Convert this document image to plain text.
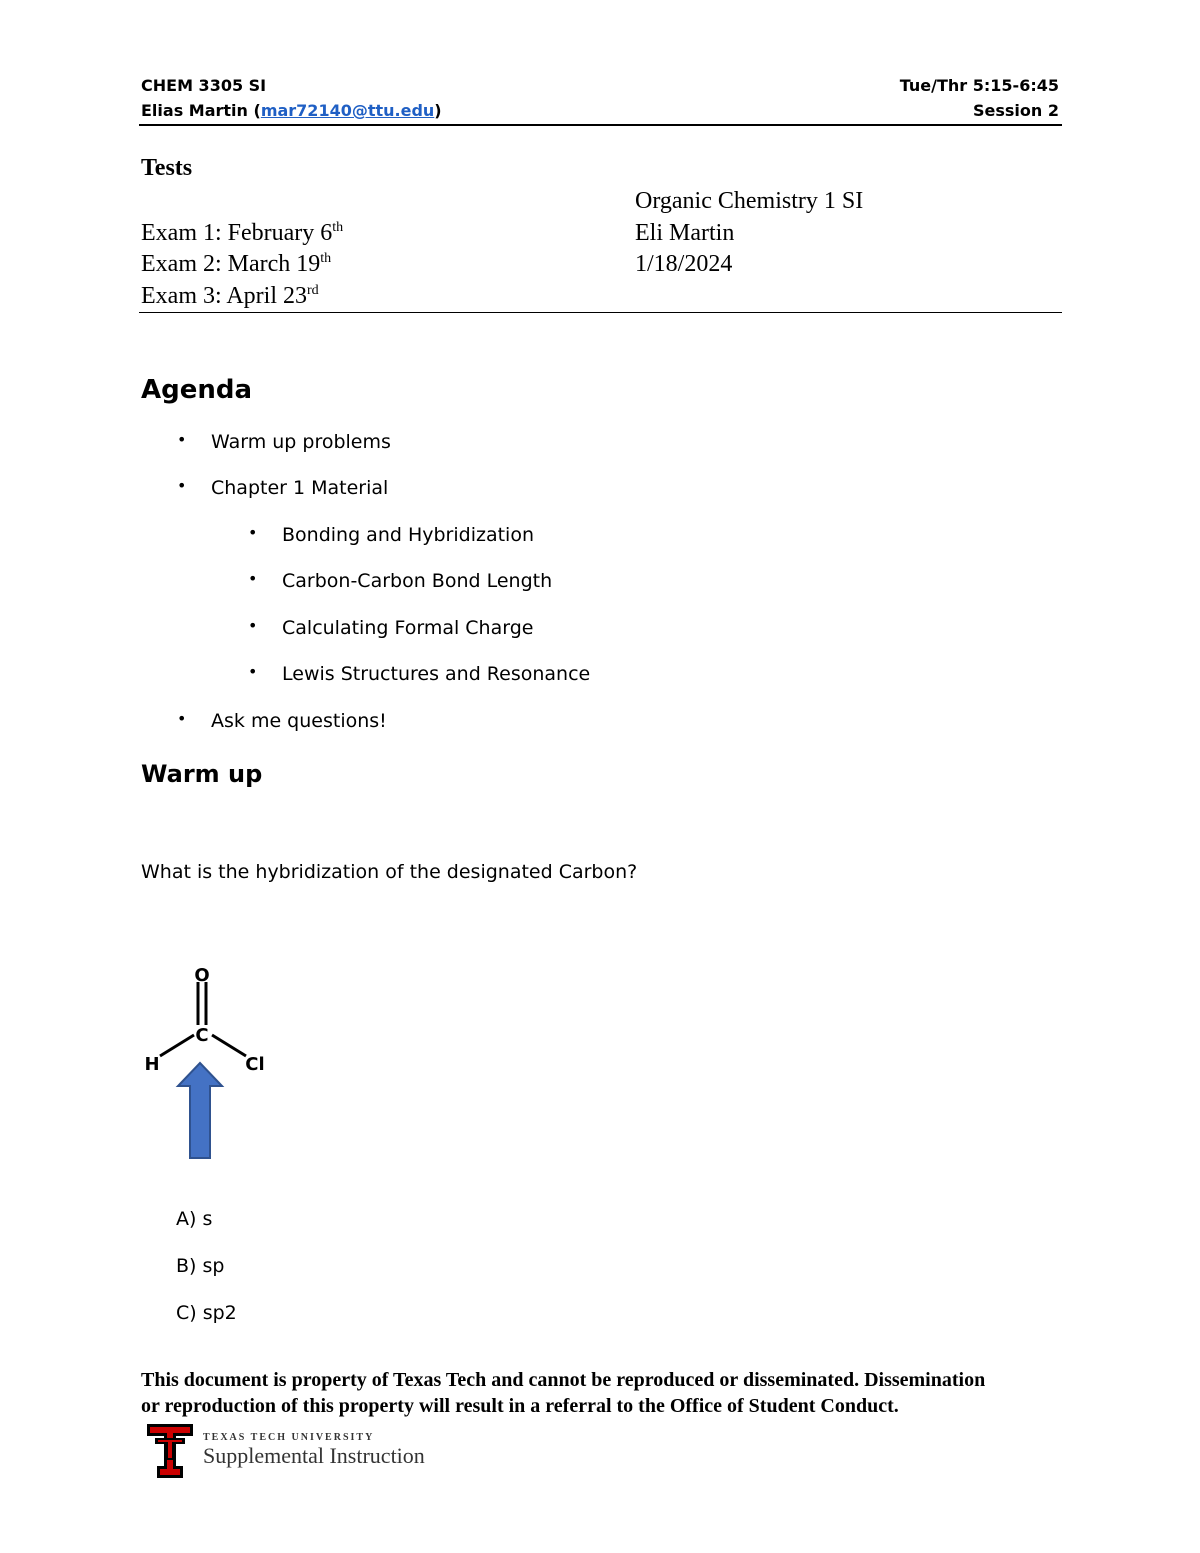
CHEM 3305 SI
Elias Martin (mar72140@ttu.edu)
Tue/Thr 5:15-6:45
Session 2
Tests
Exam 1: February 6th
Exam 2: March 19th
Exam 3: April 23rd
Organic Chemistry 1 SI
Eli Martin
1/18/2024
Agenda
• Warm up problems
• Chapter 1 Material
• Bonding and Hybridization
• Carbon-Carbon Bond Length
• Calculating Formal Charge
• Lewis Structures and Resonance
• Ask me questions!
Warm up
What is the hybridization of the designated Carbon?
O
C
H	Cl
A) s
B) sp
C) sp2
This document is property of Texas Tech and cannot be reproduced or disseminated. Dissemination
or reproduction of this property will result in a referral to the Office of Student Conduct.
TEXAS TECH UNIVERSITY
Supplemental Instruction
